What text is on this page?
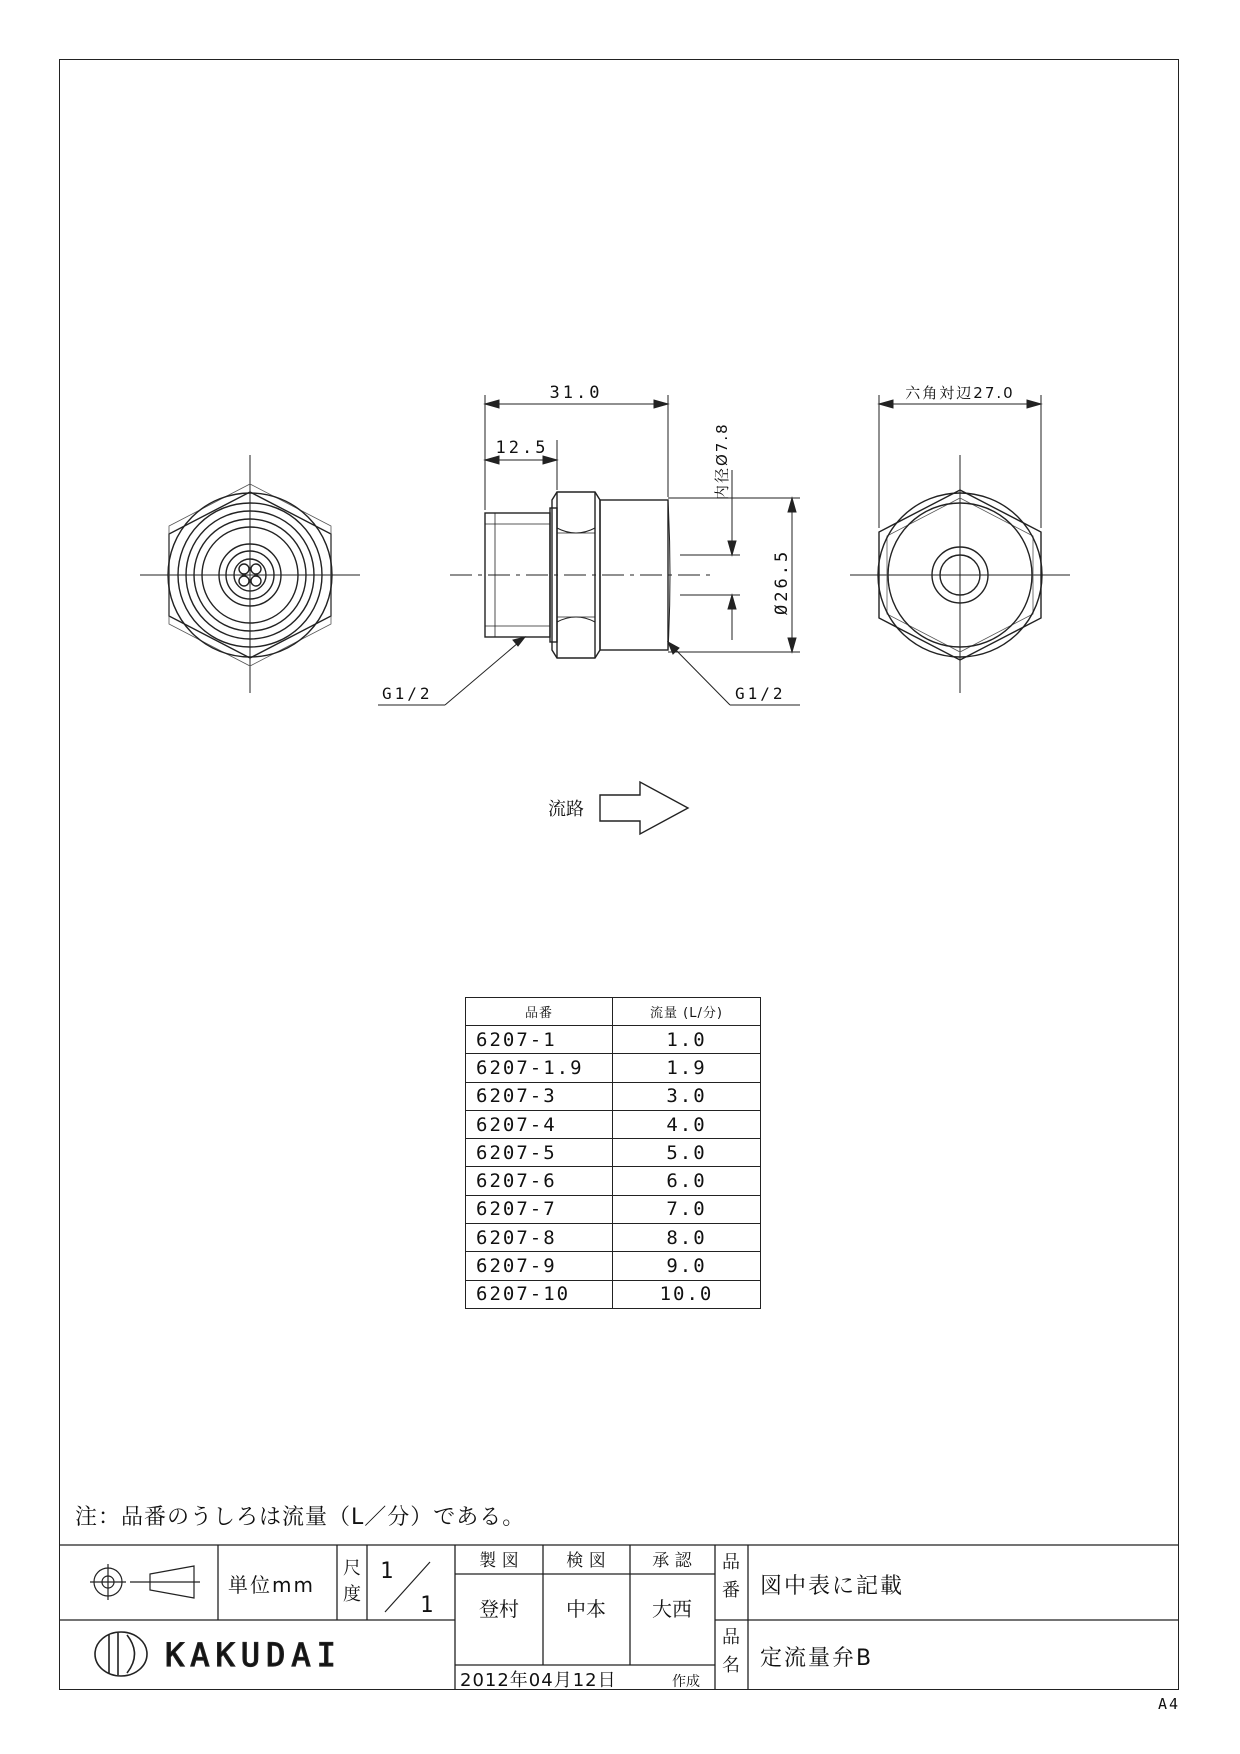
31.0
12.5	内径Ø7.8
Ø26.5
六角対辺27.0
G1/2	G1/2
流路
KAKUDAI
単位mm
尺
度
1
1
製 図	検 図	承 認
登村 中本 大西
2012年04月12日	作成
品
番 図中表に記載
品
名 定流量弁B
品番	流量 (L/分)
6207-1	1.0
6207-1.9	1.9
6207-3	3.0
6207-4	4.0
6207-5	5.0
6207-6	6.0
6207-7	7.0
6207-8	8.0
6207-9	9.0
6207-10	10.0
注：品番のうしろは流量（L／分）である。
A4
